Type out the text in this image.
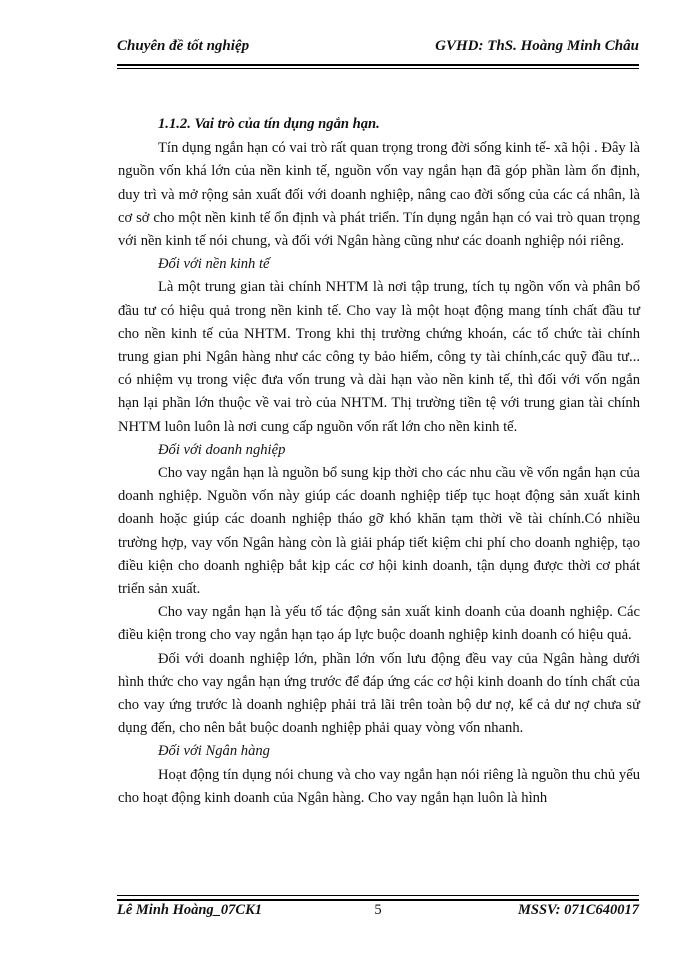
Chuyên đề tốt nghiệp	GVHD: ThS. Hoàng Minh Châu

1.1.2. Vai trò của tín dụng ngắn hạn.

Tín dụng ngắn hạn có vai trò rất quan trọng trong đời sống kinh tế- xã hội . Đây là nguồn vốn khá lớn của nền kinh tế, nguồn vốn vay ngắn hạn đã góp phần làm ổn định, duy trì và mở rộng sản xuất đối với doanh nghiệp, nâng cao đời sống của các cá nhân, là cơ sở cho một nền kinh tế ổn định và phát triển. Tín dụng ngắn hạn có vai trò quan trọng với nền kinh tế nói chung, và đối với Ngân hàng cũng như các doanh nghiệp nói riêng.

Đối với nền kinh tế

Là một trung gian tài chính NHTM là nơi tập trung, tích tụ ngồn vốn và phân bổ đầu tư có hiệu quả trong nền kinh tế. Cho vay là một hoạt động mang tính chất đầu tư cho nền kinh tế của NHTM. Trong khi thị trường chứng khoán, các tổ chức tài chính trung gian phi Ngân hàng như các công ty bảo hiểm, công ty tài chính,các quỹ đầu tư... có nhiệm vụ trong việc đưa vốn trung và dài hạn vào nền kinh tế, thì đối với vốn ngắn hạn lại phần lớn thuộc về vai trò của NHTM. Thị trường tiền tệ với trung gian tài chính NHTM luôn luôn là nơi cung cấp nguồn vốn rất lớn cho nền kinh tế.

Đối với doanh nghiệp

Cho vay ngắn hạn là nguồn bổ sung kịp thời cho các nhu cầu về vốn ngắn hạn của doanh nghiệp. Nguồn vốn này giúp các doanh nghiệp tiếp tục hoạt động sản xuất kinh doanh hoặc giúp các doanh nghiệp tháo gỡ khó khăn tạm thời về tài chính.Có nhiều trường hợp, vay vốn Ngân hàng còn là giải pháp tiết kiệm chi phí cho doanh nghiệp, tạo điều kiện cho doanh nghiệp bắt kịp các cơ hội kinh doanh, tận dụng được thời cơ phát triển sản xuất.

Cho vay ngắn hạn là yếu tố tác động sản xuất kinh doanh của doanh nghiệp. Các điều kiện trong cho vay ngắn hạn tạo áp lực buộc doanh nghiệp kinh doanh có hiệu quả.

Đối với doanh nghiệp lớn, phần lớn vốn lưu động đều vay của Ngân hàng dưới hình thức cho vay ngắn hạn ứng trước để đáp ứng các cơ hội kinh doanh do tính chất của cho vay ứng trước là doanh nghiệp phải trả lãi trên toàn bộ dư nợ, kể cả dư nợ chưa sử dụng đến, cho nên bắt buộc doanh nghiệp phải quay vòng vốn nhanh.

Đối với Ngân hàng

Hoạt động tín dụng nói chung và cho vay ngắn hạn nói riêng là nguồn thu chủ yếu cho hoạt động kinh doanh của Ngân hàng. Cho vay ngắn hạn luôn là hình

Lê Minh Hoàng_07CK1	5	MSSV: 071C640017
